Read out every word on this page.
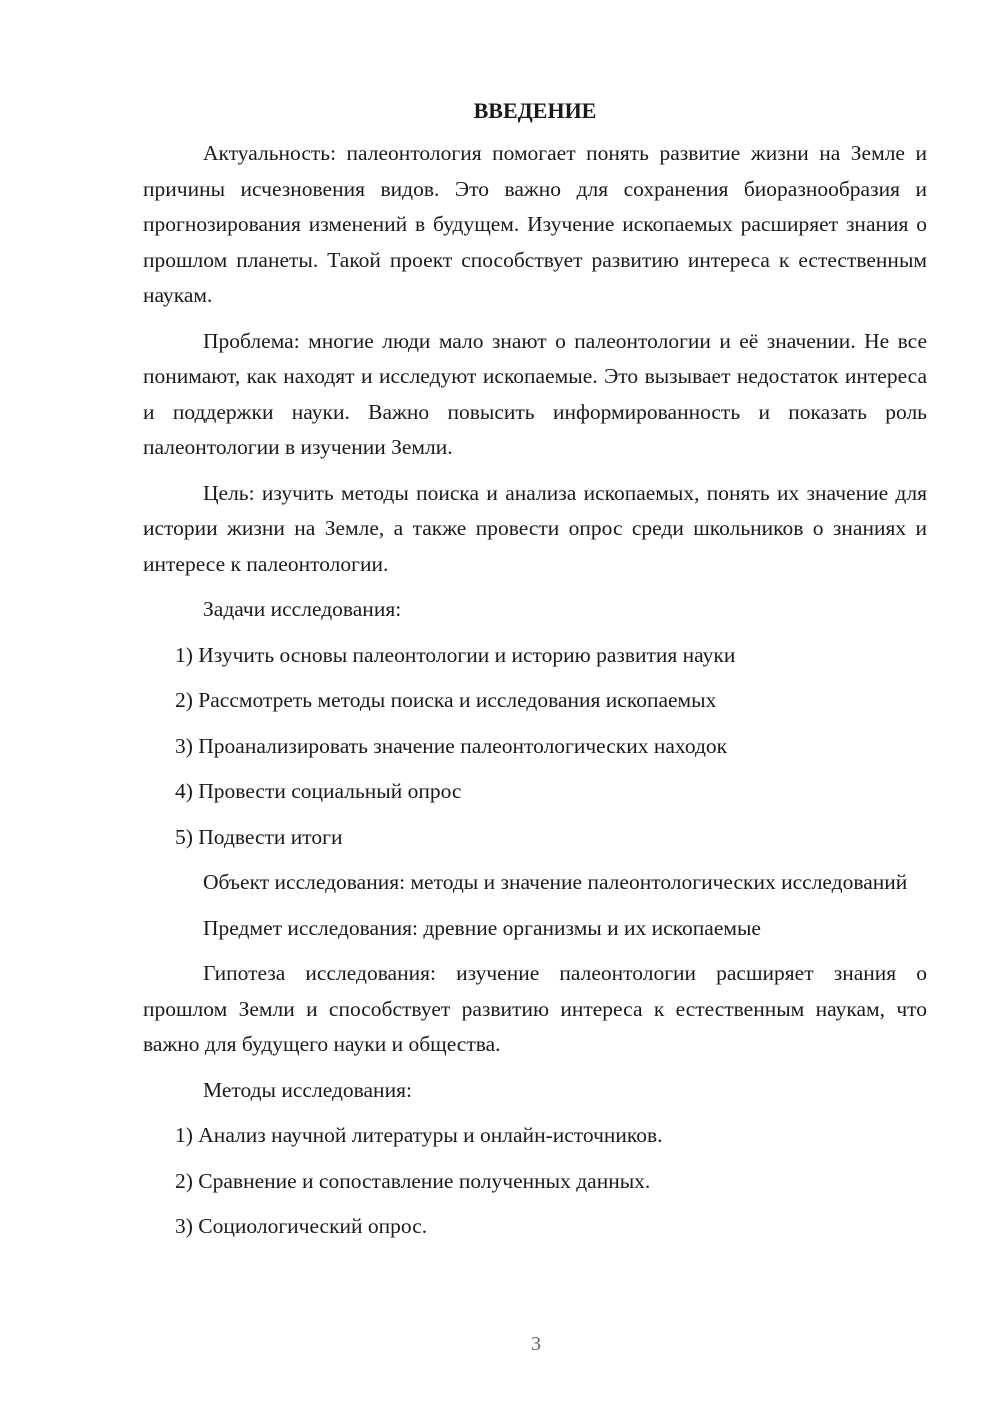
ВВЕДЕНИЕ

Актуальность: палеонтология помогает понять развитие жизни на Земле и причины исчезновения видов. Это важно для сохранения биоразнообразия и прогнозирования изменений в будущем. Изучение ископаемых расширяет знания о прошлом планеты. Такой проект способствует развитию интереса к естественным наукам.

Проблема: многие люди мало знают о палеонтологии и её значении. Не все понимают, как находят и исследуют ископаемые. Это вызывает недостаток интереса и поддержки науки. Важно повысить информированность и показать роль палеонтологии в изучении Земли.

Цель: изучить методы поиска и анализа ископаемых, понять их значение для истории жизни на Земле, а также провести опрос среди школьников о знаниях и интересе к палеонтологии.

Задачи исследования:

1) Изучить основы палеонтологии и историю развития науки

2) Рассмотреть методы поиска и исследования ископаемых

3) Проанализировать значение палеонтологических находок

4) Провести социальный опрос

5) Подвести итоги

Объект исследования: методы и значение палеонтологических исследований

Предмет исследования: древние организмы и их ископаемые

Гипотеза исследования: изучение палеонтологии расширяет знания о прошлом Земли и способствует развитию интереса к естественным наукам, что важно для будущего науки и общества.

Методы исследования:

1) Анализ научной литературы и онлайн-источников.

2) Сравнение и сопоставление полученных данных.

3) Социологический опрос.

3
